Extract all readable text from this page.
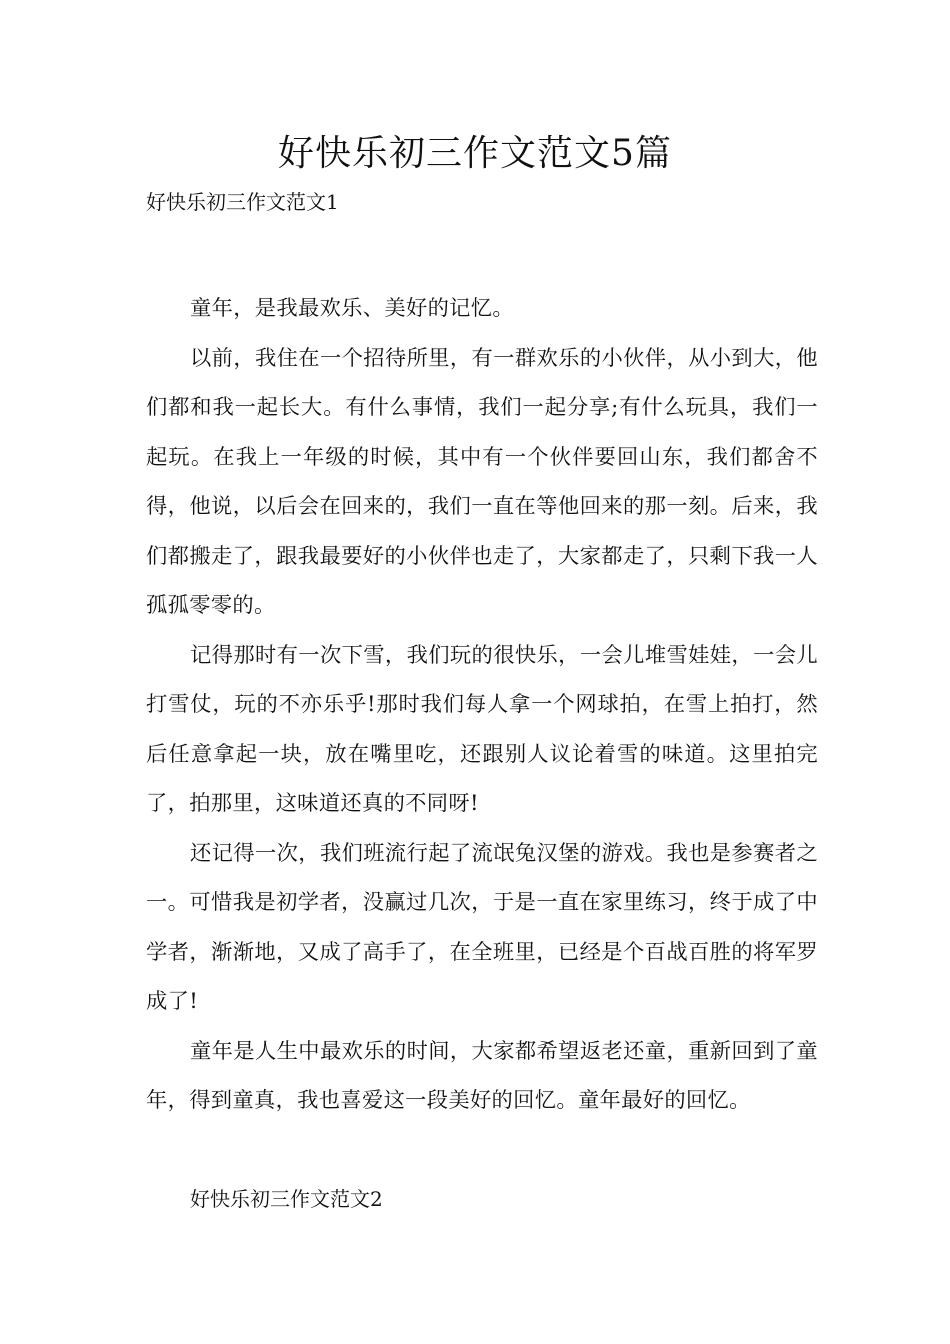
好快乐初三作文范文5篇
好快乐初三作文范文1

童年，是我最欢乐、美好的记忆。

以前，我住在一个招待所里，有一群欢乐的小伙伴，从小到大，他们都和我一起长大。有什么事情，我们一起分享;有什么玩具，我们一起玩。在我上一年级的时候，其中有一个伙伴要回山东，我们都舍不得，他说，以后会在回来的，我们一直在等他回来的那一刻。后来，我们都搬走了，跟我最要好的小伙伴也走了，大家都走了，只剩下我一人孤孤零零的。

记得那时有一次下雪，我们玩的很快乐，一会儿堆雪娃娃，一会儿打雪仗，玩的不亦乐乎!那时我们每人拿一个网球拍，在雪上拍打，然后任意拿起一块，放在嘴里吃，还跟别人议论着雪的味道。这里拍完了，拍那里，这味道还真的不同呀!

还记得一次，我们班流行起了流氓兔汉堡的游戏。我也是参赛者之一。可惜我是初学者，没赢过几次，于是一直在家里练习，终于成了中学者，渐渐地，又成了高手了，在全班里，已经是个百战百胜的将军罗成了!

童年是人生中最欢乐的时间，大家都希望返老还童，重新回到了童年，得到童真，我也喜爱这一段美好的回忆。童年最好的回忆。

好快乐初三作文范文2
